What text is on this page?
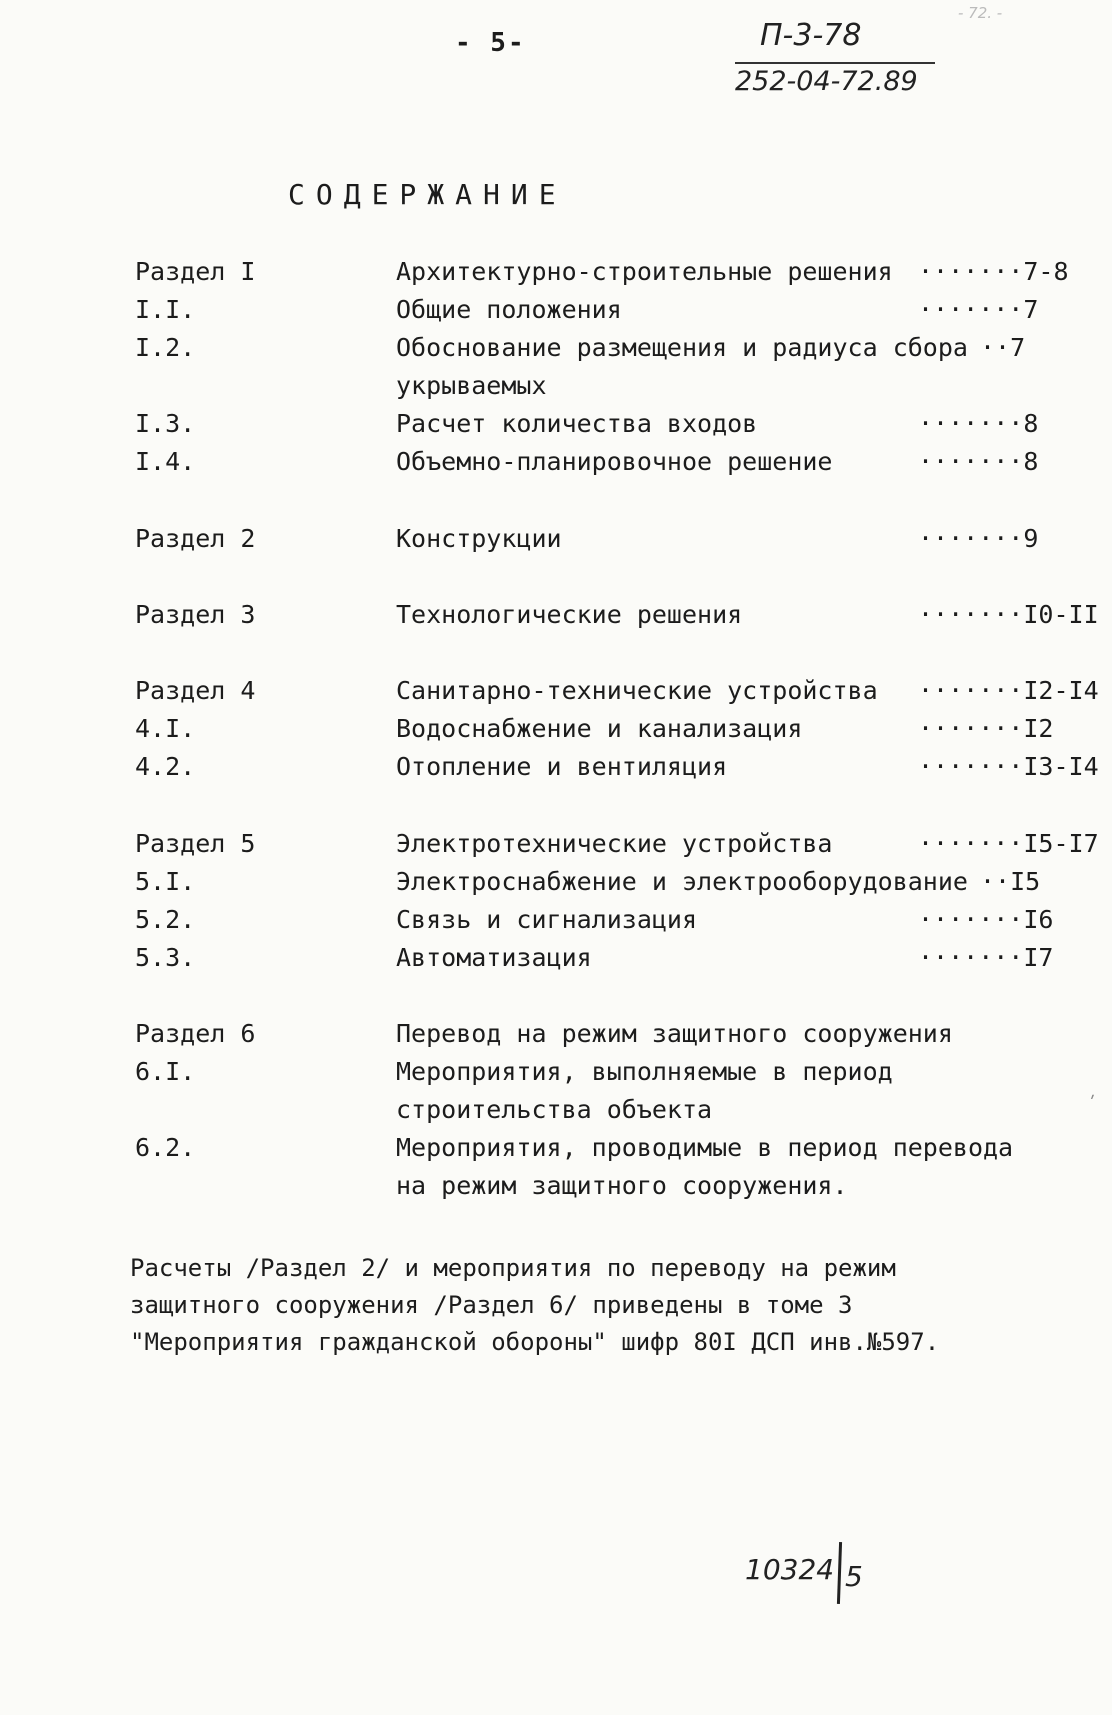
- 5-	П-3-78
252-04-72.89
- 72. -
СОДЕРЖАНИЕ
Раздел I	Архитектурно-строительные решения ·······7-8
I.I.	Общие положения	·······7
I.2.	Обоснование размещения и радиуса сбора ··7
укрываемых
I.3.	Расчет количества входов	·······8
I.4.	Объемно-планировочное решение	·······8
Раздел 2	Конструкции	·······9
Раздел 3	Технологические решения	·······I0-II
Раздел 4	Санитарно-технические устройства ·······I2-I4
4.I.	Водоснабжение и канализация	·······I2
4.2.	Отопление и вентиляция	·······I3-I4
Раздел 5	Электротехнические устройства	·······I5-I7
5.I.	Электроснабжение и электрооборудование ··I5
5.2.	Связь и сигнализация	·······I6
5.3.	Автоматизация	·······I7
Раздел 6	Перевод на режим защитного сооружения
6.I.	Мероприятия, выполняемые в период
строительства объекта
6.2.	Мероприятия, проводимые в период перевода
на режим защитного сооружения.
Расчеты /Раздел 2/ и мероприятия по переводу на режим
защитного сооружения /Раздел 6/ приведены в томе 3
"Мероприятия гражданской обороны" шифр 80I ДСП инв.№597.
ʹ
10324 5
